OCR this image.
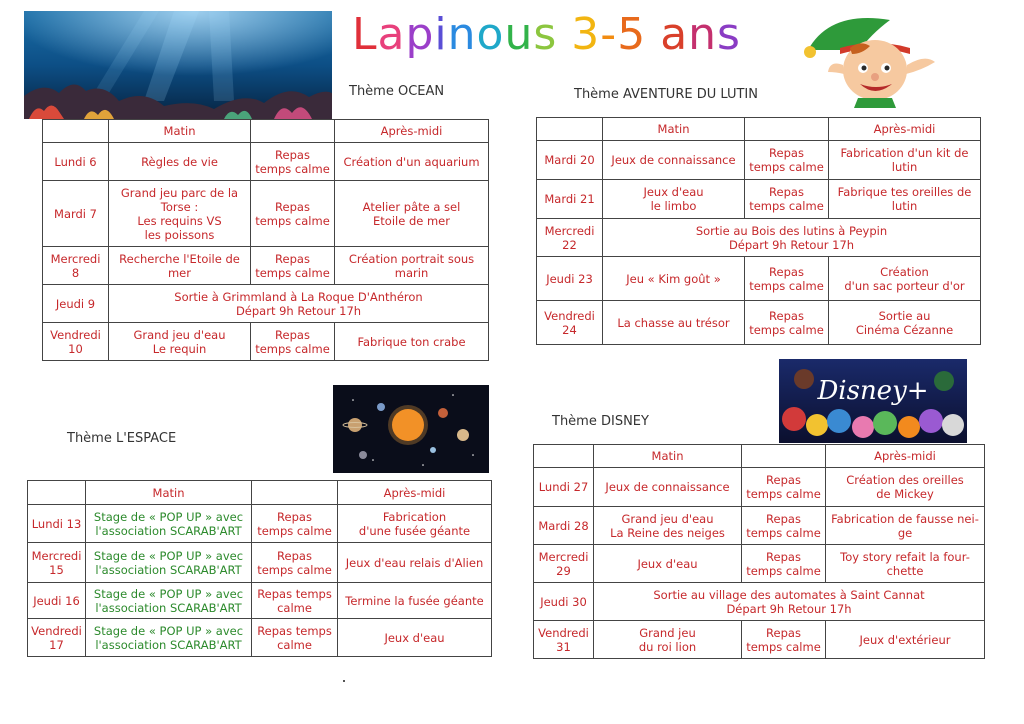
Lapinous 3-5 ans
Disney+
Thème OCEAN	Thème AVENTURE DU LUTIN
Thème L'ESPACE
Thème DISNEY
	Matin		Après-midi

Lundi 6	Règles de vie	Repas
temps calme	Création d'un aquarium

Mardi 7	Grand jeu parc de la
Torse :
Les requins VS
les poissons	Repas
temps calme	Atelier pâte a sel
Etoile de mer

Mercredi
8	Recherche l'Etoile de
mer	Repas
temps calme	Création portrait sous
marin

Jeudi 9	Sortie à Grimmland à La Roque D'Anthéron
Départ 9h Retour 17h		

Vendredi
10	Grand jeu d'eau
Le requin	Repas
temps calme	Fabrique ton crabe
	Matin		Après-midi

Mardi 20	Jeux de connaissance	Repas
temps calme	Fabrication d'un kit de
lutin

Mardi 21	Jeux d'eau
le limbo	Repas
temps calme	Fabrique tes oreilles de
lutin

Mercredi
22	Sortie au Bois des lutins à Peypin
Départ 9h Retour 17h		

Jeudi 23	Jeu « Kim goût »	Repas
temps calme	Création
d'un sac porteur d'or

Vendredi
24	La chasse au trésor	Repas
temps calme	Sortie au
Cinéma Cézanne
	Matin		Après-midi

Lundi 13	Stage de « POP UP » avec
l'association SCARAB'ART	Repas
temps calme	Fabrication
d'une fusée géante

Mercredi
15	Stage de « POP UP » avec
l'association SCARAB'ART	Repas
temps calme	Jeux d'eau relais d'Alien

Jeudi 16	Stage de « POP UP » avec
l'association SCARAB'ART	Repas temps
calme	Termine la fusée géante

Vendredi
17	Stage de « POP UP » avec
l'association SCARAB'ART	Repas temps
calme	Jeux d'eau
	Matin		Après-midi

Lundi 27	Jeux de connaissance	Repas
temps calme	Création des oreilles
de Mickey

Mardi 28	Grand jeu d'eau
La Reine des neiges	Repas
temps calme	Fabrication de fausse nei-
ge

Mercredi
29	Jeux d'eau	Repas
temps calme	Toy story refait la four-
chette

Jeudi 30	Sortie au village des automates à Saint Cannat
Départ 9h Retour 17h		

Vendredi
31	Grand jeu
du roi lion	Repas
temps calme	Jeux d'extérieur
